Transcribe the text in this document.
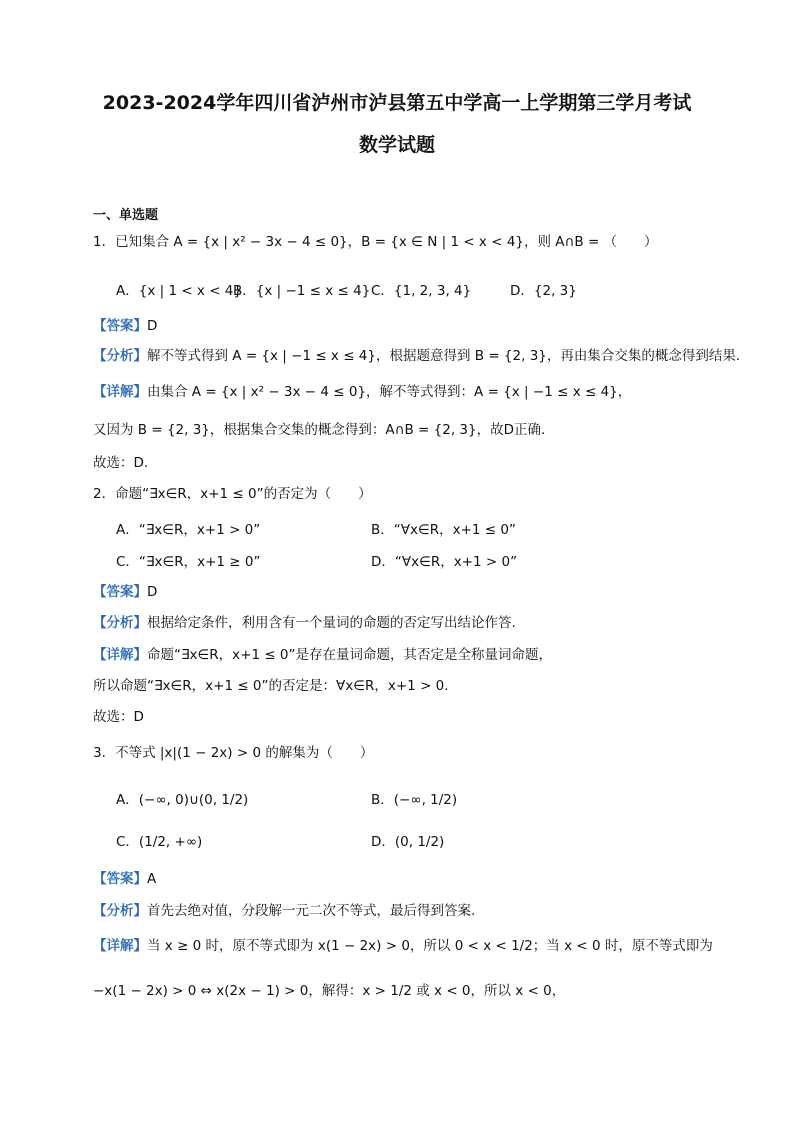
2023-2024学年四川省泸州市泸县第五中学高一上学期第三学月考试
数学试题
一、单选题
1．已知集合 A = {x | x² − 3x − 4 ≤ 0}，B = {x ∈ N | 1 < x < 4}，则 A∩B = （　　）
A．{x | 1 < x < 4}
B．{x | −1 ≤ x ≤ 4} C．{1, 2, 3, 4}	D．{2, 3}
【答案】D
【分析】解不等式得到 A = {x | −1 ≤ x ≤ 4}，根据题意得到 B = {2, 3}，再由集合交集的概念得到结果.
【详解】由集合 A = {x | x² − 3x − 4 ≤ 0}，解不等式得到：A = {x | −1 ≤ x ≤ 4}，
又因为 B = {2, 3}，根据集合交集的概念得到：A∩B = {2, 3}，故D正确.
故选：D.
2．命题“∃x∈R，x+1 ≤ 0”的否定为（　　）
A．“∃x∈R，x+1 > 0”	B．“∀x∈R，x+1 ≤ 0”
C．“∃x∈R，x+1 ≥ 0”	D．“∀x∈R，x+1 > 0”
【答案】D
【分析】根据给定条件，利用含有一个量词的命题的否定写出结论作答.
【详解】命题“∃x∈R，x+1 ≤ 0”是存在量词命题，其否定是全称量词命题，
所以命题“∃x∈R，x+1 ≤ 0”的否定是：∀x∈R，x+1 > 0.
故选：D
3．不等式 |x|(1 − 2x) > 0 的解集为（　　）
A．(−∞, 0)∪(0, 1/2)	B．(−∞, 1/2)
C．(1/2, +∞)	D．(0, 1/2)
【答案】A
【分析】首先去绝对值，分段解一元二次不等式，最后得到答案.
【详解】当 x ≥ 0 时，原不等式即为 x(1 − 2x) > 0，所以 0 < x < 1/2；当 x < 0 时，原不等式即为
−x(1 − 2x) > 0 ⇔ x(2x − 1) > 0，解得：x > 1/2 或 x < 0，所以 x < 0，
